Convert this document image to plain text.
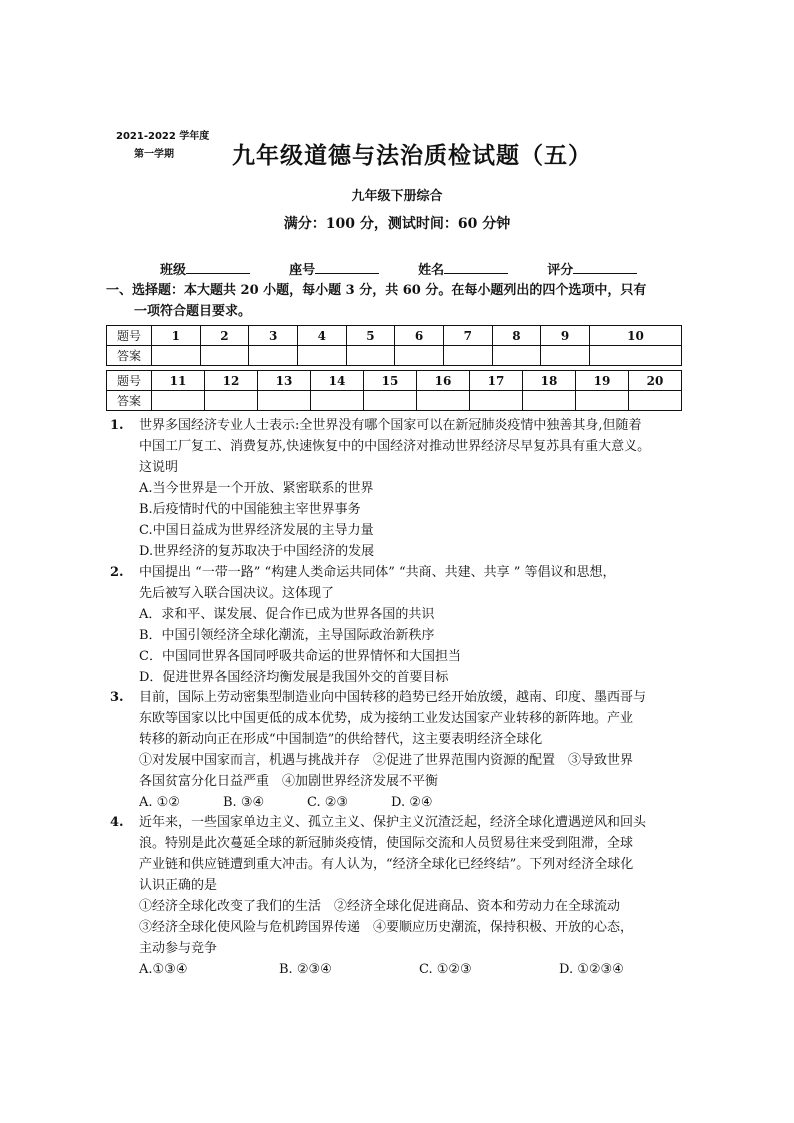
2021-2022 学年度
第一学期	九年级道德与法治质检试题（五）
九年级下册综合
满分：100 分，测试时间：60 分钟
班级	座号	姓名	评分
一、选择题：本大题共 20 小题，每小题 3 分，共 60 分。在每小题列出的四个选项中，只有
一项符合题目要求。
题号	1	2	3	4	5	6	7	8	9	10
答案										
题号	11	12	13	14	15	16	17	18	19	20
答案										
1. 世界多国经济专业人士表示:全世界没有哪个国家可以在新冠肺炎疫情中独善其身,但随着
中国工厂复工、消费复苏,快速恢复中的中国经济对推动世界经济尽早复苏具有重大意义。
这说明
A.当今世界是一个开放、紧密联系的世界
B.后疫情时代的中国能独主宰世界事务
C.中国日益成为世界经济发展的主导力量
D.世界经济的复苏取决于中国经济的发展
2. 中国提出 “一带一路” “构建人类命运共同体” “共商、共建、共享 ” 等倡议和思想，
先后被写入联合国决议。这体现了
A．求和平、谋发展、促合作已成为世界各国的共识
B．中国引领经济全球化潮流，主导国际政治新秩序
C．中国同世界各国同呼吸共命运的世界情怀和大国担当
D．促进世界各国经济均衡发展是我国外交的首要目标
3. 目前，国际上劳动密集型制造业向中国转移的趋势已经开始放缓，越南、印度、墨西哥与
东欧等国家以比中国更低的成本优势，成为接纳工业发达国家产业转移的新阵地。产业
转移的新动向正在形成“中国制造”的供给替代，这主要表明经济全球化
①对发展中国家而言，机遇与挑战并存　②促进了世界范围内资源的配置　③导致世界
各国贫富分化日益严重　④加剧世界经济发展不平衡
A. ①②	B. ③④	C. ②③	D. ②④
4. 近年来，一些国家单边主义、孤立主义、保护主义沉渣泛起，经济全球化遭遇逆风和回头
浪。特别是此次蔓延全球的新冠肺炎疫情，使国际交流和人员贸易往来受到阻滞，全球
产业链和供应链遭到重大冲击。有人认为，“经济全球化已经终结”。下列对经济全球化
认识正确的是
①经济全球化改变了我们的生活　②经济全球化促进商品、资本和劳动力在全球流动
③经济全球化使风险与危机跨国界传递　④要顺应历史潮流，保持积极、开放的心态，
主动参与竞争
A.①③④	B. ②③④	C. ①②③	D. ①②③④
